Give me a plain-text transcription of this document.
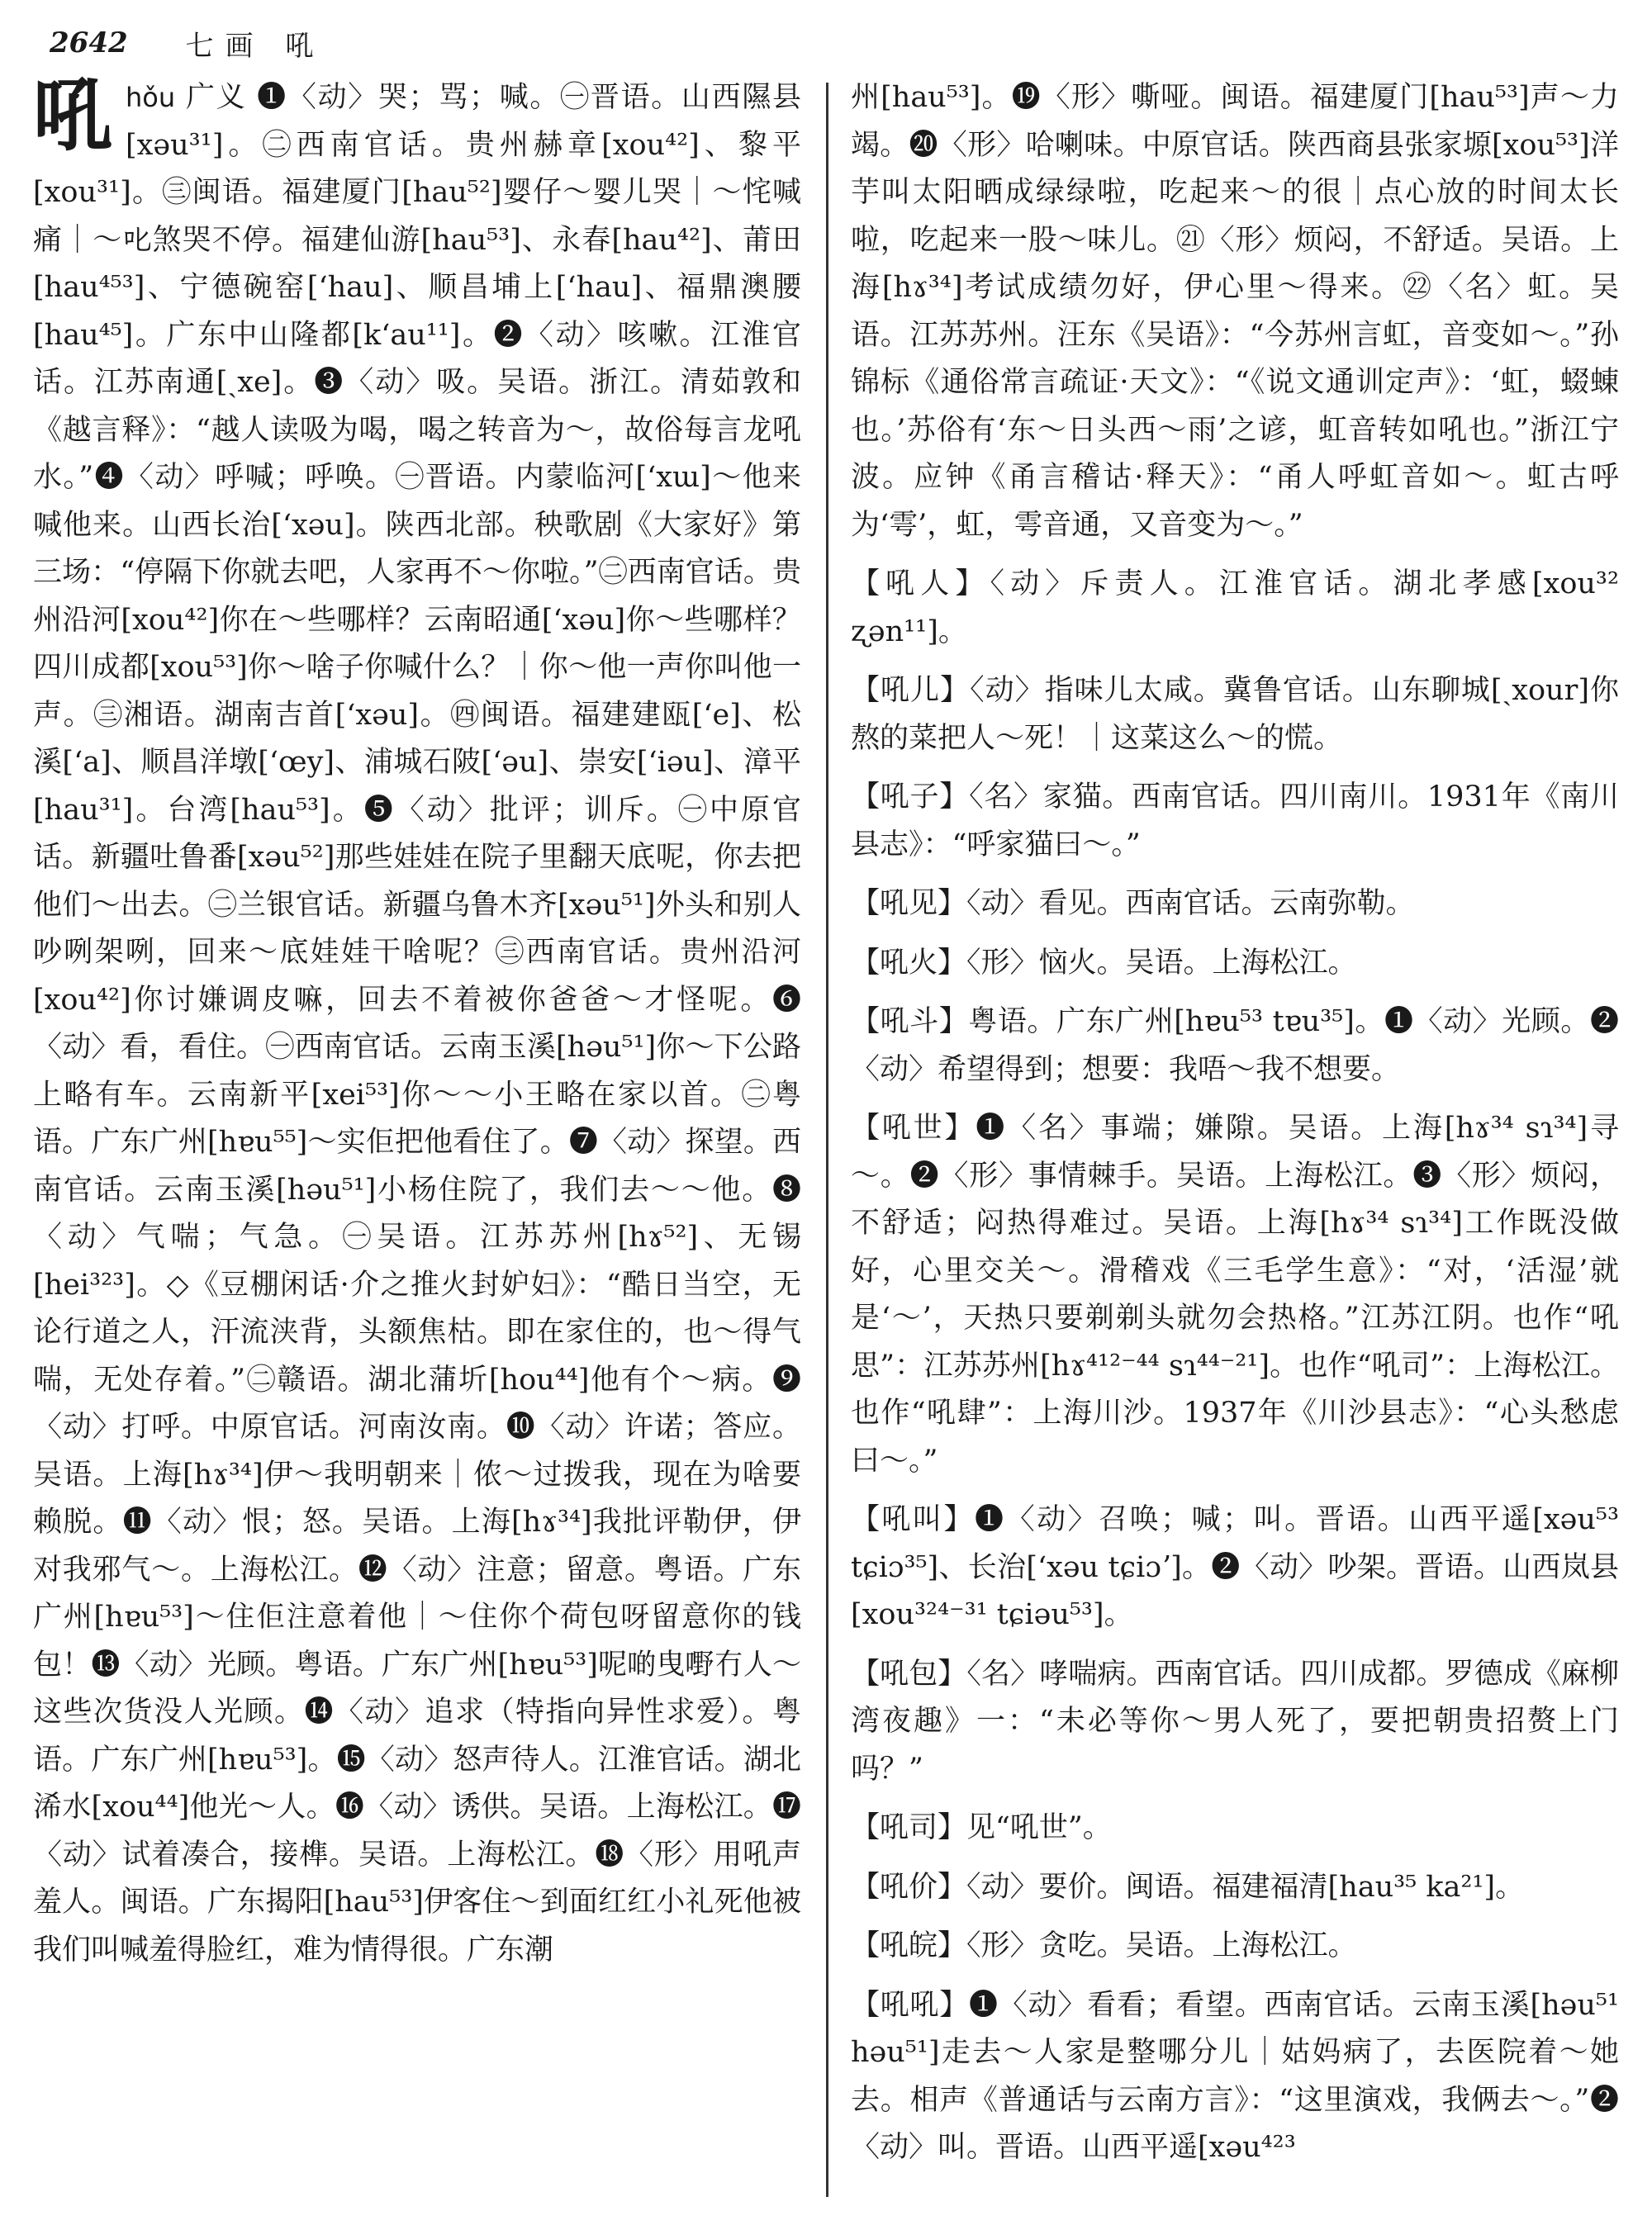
2642 七画 吼

吼 hǒu 广义 ❶〈动〉哭；骂；喊。㊀晋语。山西隰县[xəu³¹]。㊁西南官话。贵州赫章[xou⁴²]、黎平[xou³¹]。㊂闽语。福建厦门[hau⁵²]婴仔～婴儿哭｜～㤞喊痛｜～𫜸煞哭不停。福建仙游[hau⁵³]、永春[hau⁴²]、莆田[hau⁴⁵³]、宁德碗窑[ʻhau]、顺昌埔上[ʻhau]、福鼎澳腰[hau⁴⁵]。广东中山隆都[kʻau¹¹]。❷〈动〉咳嗽。江淮官话。江苏南通[ˏxe]。❸〈动〉吸。吴语。浙江。清茹敦和《越言释》：“越人读吸为喝，喝之转音为～，故俗每言龙吼水。”❹〈动〉呼喊；呼唤。㊀晋语。内蒙临河[ʻxɯ]～他来喊他来。山西长治[ʻxəu]。陕西北部。秧歌剧《大家好》第三场：“停隔下你就去吧，人家再不～你啦。”㊁西南官话。贵州沿河[xou⁴²]你在～些哪样？云南昭通[ʻxəu]你～些哪样？四川成都[xou⁵³]你～啥子你喊什么？｜你～他一声你叫他一声。㊂湘语。湖南吉首[ʻxəu]。㊃闽语。福建建瓯[ʻe]、松溪[ʻa]、顺昌洋墩[ʻœy]、浦城石陂[ʻəu]、崇安[ʻiəu]、漳平[hau³¹]。台湾[hau⁵³]。❺〈动〉批评；训斥。㊀中原官话。新疆吐鲁番[xəu⁵²]那些娃娃在院子里翻天底呢，你去把他们～出去。㊁兰银官话。新疆乌鲁木齐[xəu⁵¹]外头和别人吵咧架咧，回来～底娃娃干啥呢？㊂西南官话。贵州沿河[xou⁴²]你讨嫌调皮嘛，回去不着被你爸爸～才怪呢。❻〈动〉看，看住。㊀西南官话。云南玉溪[həu⁵¹]你～下公路上略有车。云南新平[xei⁵³]你～～小王略在家以首。㊁粤语。广东广州[hɐu⁵⁵]～实佢把他看住了。❼〈动〉探望。西南官话。云南玉溪[həu⁵¹]小杨住院了，我们去～～他。❽〈动〉气喘；气急。㊀吴语。江苏苏州[hɤ⁵²]、无锡[hei³²³]。◇《豆棚闲话·介之推火封妒妇》：“酷日当空，无论行道之人，汗流浃背，头额焦枯。即在家住的，也～得气喘，无处存着。”㊁赣语。湖北蒲圻[hou⁴⁴]他有个～病。❾〈动〉打呼。中原官话。河南汝南。❿〈动〉许诺；答应。吴语。上海[hɤ³⁴]伊～我明朝来｜侬～过拨我，现在为啥要赖脱。⓫〈动〉恨；怒。吴语。上海[hɤ³⁴]我批评勒伊，伊对我邪气～。上海松江。⓬〈动〉注意；留意。粤语。广东广州[hɐu⁵³]～住佢注意着他｜～住你个荷包呀留意你的钱包！⓭〈动〉光顾。粤语。广东广州[hɐu⁵³]呢啲曳嘢冇人～这些次货没人光顾。⓮〈动〉追求（特指向异性求爱）。粤语。广东广州[hɐu⁵³]。⓯〈动〉怒声待人。江淮官话。湖北浠水[xou⁴⁴]他光～人。⓰〈动〉诱供。吴语。上海松江。⓱〈动〉试着凑合，接榫。吴语。上海松江。⓲〈形〉用吼声羞人。闽语。广东揭阳[hau⁵³]伊客住～到面红红小礼死他被我们叫喊羞得脸红，难为情得很。广东潮

州[hau⁵³]。⓳〈形〉嘶哑。闽语。福建厦门[hau⁵³]声～力竭。⓴〈形〉哈喇味。中原官话。陕西商县张家塬[xou⁵³]洋芋叫太阳晒成绿绿啦，吃起来～的很｜点心放的时间太长啦，吃起来一股～味儿。㉑〈形〉烦闷，不舒适。吴语。上海[hɤ³⁴]考试成绩勿好，伊心里～得来。㉒〈名〉虹。吴语。江苏苏州。汪东《吴语》：“今苏州言虹，音变如～。”孙锦标《通俗常言疏证·天文》：“《说文通训定声》：‘虹，蝃蝀也。’苏俗有‘东～日头西～雨’之谚，虹音转如吼也。”浙江宁波。应钟《甬言稽诂·释天》：“甬人呼虹音如～。虹古呼为‘雩’，虹，雩音通，又音变为～。”

【吼人】〈动〉斥责人。江淮官话。湖北孝感[xou³² ʐən¹¹]。

【吼儿】〈动〉指味儿太咸。冀鲁官话。山东聊城[ˏxour]你熬的菜把人～死！｜这菜这么～的慌。

【吼子】〈名〉家猫。西南官话。四川南川。1931年《南川县志》：“呼家猫曰～。”

【吼见】〈动〉看见。西南官话。云南弥勒。

【吼火】〈形〉恼火。吴语。上海松江。

【吼斗】粤语。广东广州[hɐu⁵³ tɐu³⁵]。❶〈动〉光顾。❷〈动〉希望得到；想要：我唔～我不想要。

【吼世】❶〈名〉事端；嫌隙。吴语。上海[hɤ³⁴ sɿ³⁴]寻～。❷〈形〉事情棘手。吴语。上海松江。❸〈形〉烦闷，不舒适；闷热得难过。吴语。上海[hɤ³⁴ sɿ³⁴]工作既没做好，心里交关～。滑稽戏《三毛学生意》：“对，‘活湿’就是‘～’，天热只要剃剃头就勿会热格。”江苏江阴。也作“吼思”：江苏苏州[hɤ⁴¹²⁻⁴⁴ sɿ⁴⁴⁻²¹]。也作“吼司”：上海松江。也作“吼肆”：上海川沙。1937年《川沙县志》：“心头愁虑曰～。”

【吼叫】❶〈动〉召唤；喊；叫。晋语。山西平遥[xəu⁵³ tɕiɔ³⁵]、长治[ʻxəu tɕiɔʼ]。❷〈动〉吵架。晋语。山西岚县[xou³²⁴⁻³¹ tɕiəu⁵³]。

【吼包】〈名〉哮喘病。西南官话。四川成都。罗德成《麻柳湾夜趣》一：“未必等你～男人死了，要把朝贵招赘上门吗？”

【吼司】见“吼世”。

【吼价】〈动〉要价。闽语。福建福清[hau³⁵ ka²¹]。

【吼皖】〈形〉贪吃。吴语。上海松江。

【吼吼】❶〈动〉看看；看望。西南官话。云南玉溪[həu⁵¹ həu⁵¹]走去～人家是整哪分儿｜姑妈病了，去医院着～她去。相声《普通话与云南方言》：“这里演戏，我俩去～。”❷〈动〉叫。晋语。山西平遥[xəu⁴²³
